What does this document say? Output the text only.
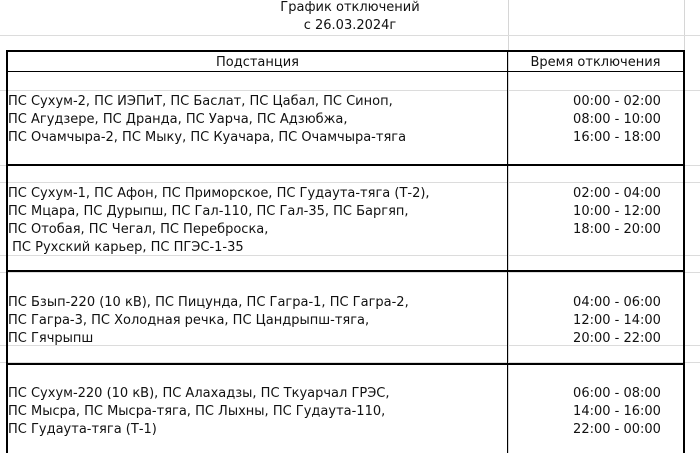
График отключений
с 26.03.2024г
Подстанция	Время отключения
ПС Сухум-2, ПС ИЭПиТ, ПС Баслат, ПС Цабал, ПС Синоп,
ПС Агудзере, ПС Дранда, ПС Уарча, ПС Адзюбжа,
ПС Очамчыра-2, ПС Мыку, ПС Куачара, ПС Очамчыра-тяга
00:00 - 02:00
08:00 - 10:00
16:00 - 18:00
ПС Сухум-1, ПС Афон, ПС Приморское, ПС Гудаута-тяга (Т-2),
ПС Мцара, ПС Дурыпш, ПС Гал-110, ПС Гал-35, ПС Баргяп,
ПС Отобая, ПС Чегал, ПС Переброска,
ПС Рухский карьер, ПС ПГЭС-1-35
02:00 - 04:00
10:00 - 12:00
18:00 - 20:00
ПС Бзып-220 (10 кВ), ПС Пицунда, ПС Гагра-1, ПС Гагра-2,
ПС Гагра-3, ПС Холодная речка, ПС Цандрыпш-тяга,
ПС Гячрыпш
04:00 - 06:00
12:00 - 14:00
20:00 - 22:00
ПС Сухум-220 (10 кВ), ПС Алахадзы, ПС Ткуарчал ГРЭС,
ПС Мысра, ПС Мысра-тяга, ПС Лыхны, ПС Гудаута-110,
ПС Гудаута-тяга (Т-1)
06:00 - 08:00
14:00 - 16:00
22:00 - 00:00
